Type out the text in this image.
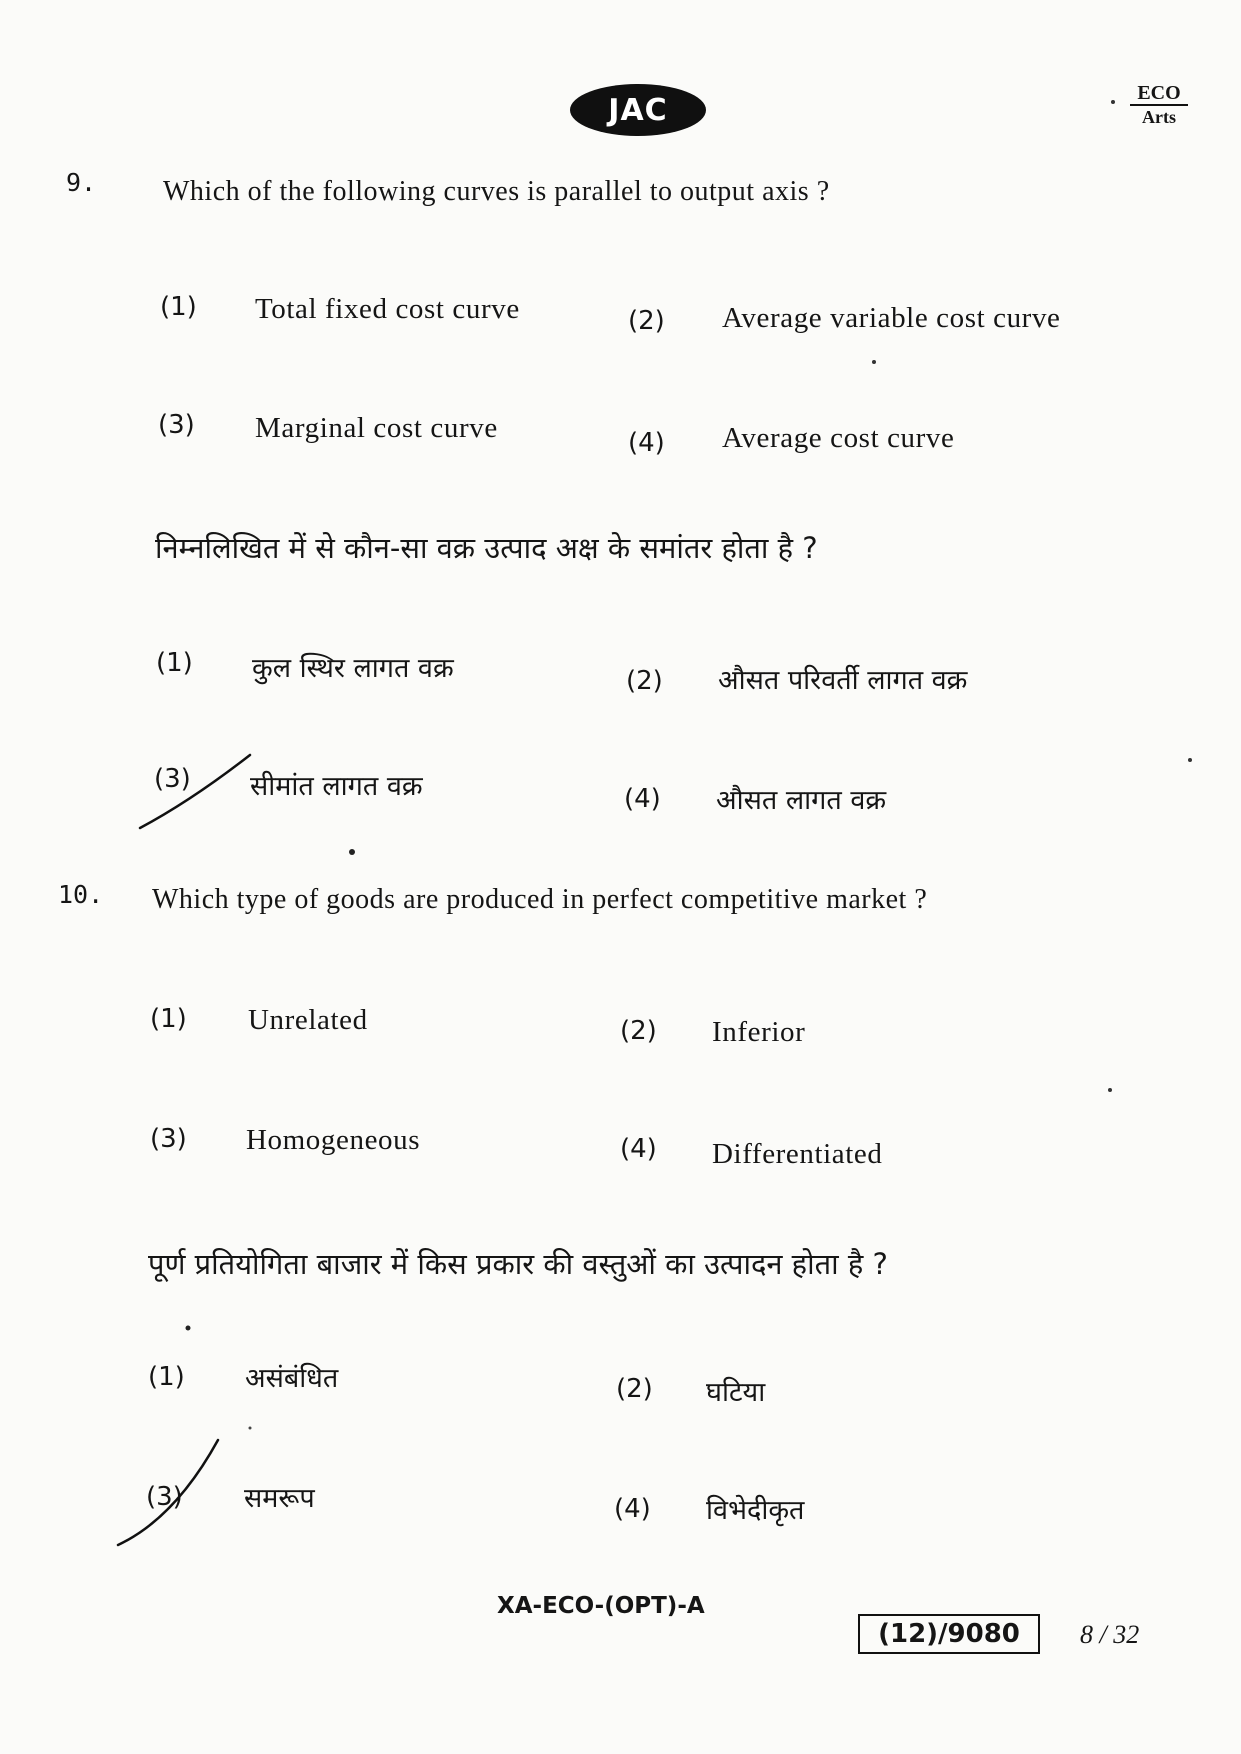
JAC	ECO
Arts
9. Which of the following curves is parallel to output axis ?
(1) Total fixed cost curve	(2) Average variable cost curve
(3) Marginal cost curve	(4) Average cost curve
निम्नलिखित में से कौन-सा वक्र उत्पाद अक्ष के समांतर होता है ?
(1) कुल स्थिर लागत वक्र	(2) औसत परिवर्ती लागत वक्र
(3) सीमांत लागत वक्र	(4) औसत लागत वक्र
10. Which type of goods are produced in perfect competitive market ?
(1) Unrelated	(2) Inferior
(3) Homogeneous	(4) Differentiated
पूर्ण प्रतियोगिता बाजार में किस प्रकार की वस्तुओं का उत्पादन होता है ?
(1) असंबंधित	(2) घटिया
(3) समरूप	(4) विभेदीकृत
XA-ECO-(OPT)-A
(12)/9080 8 / 32
